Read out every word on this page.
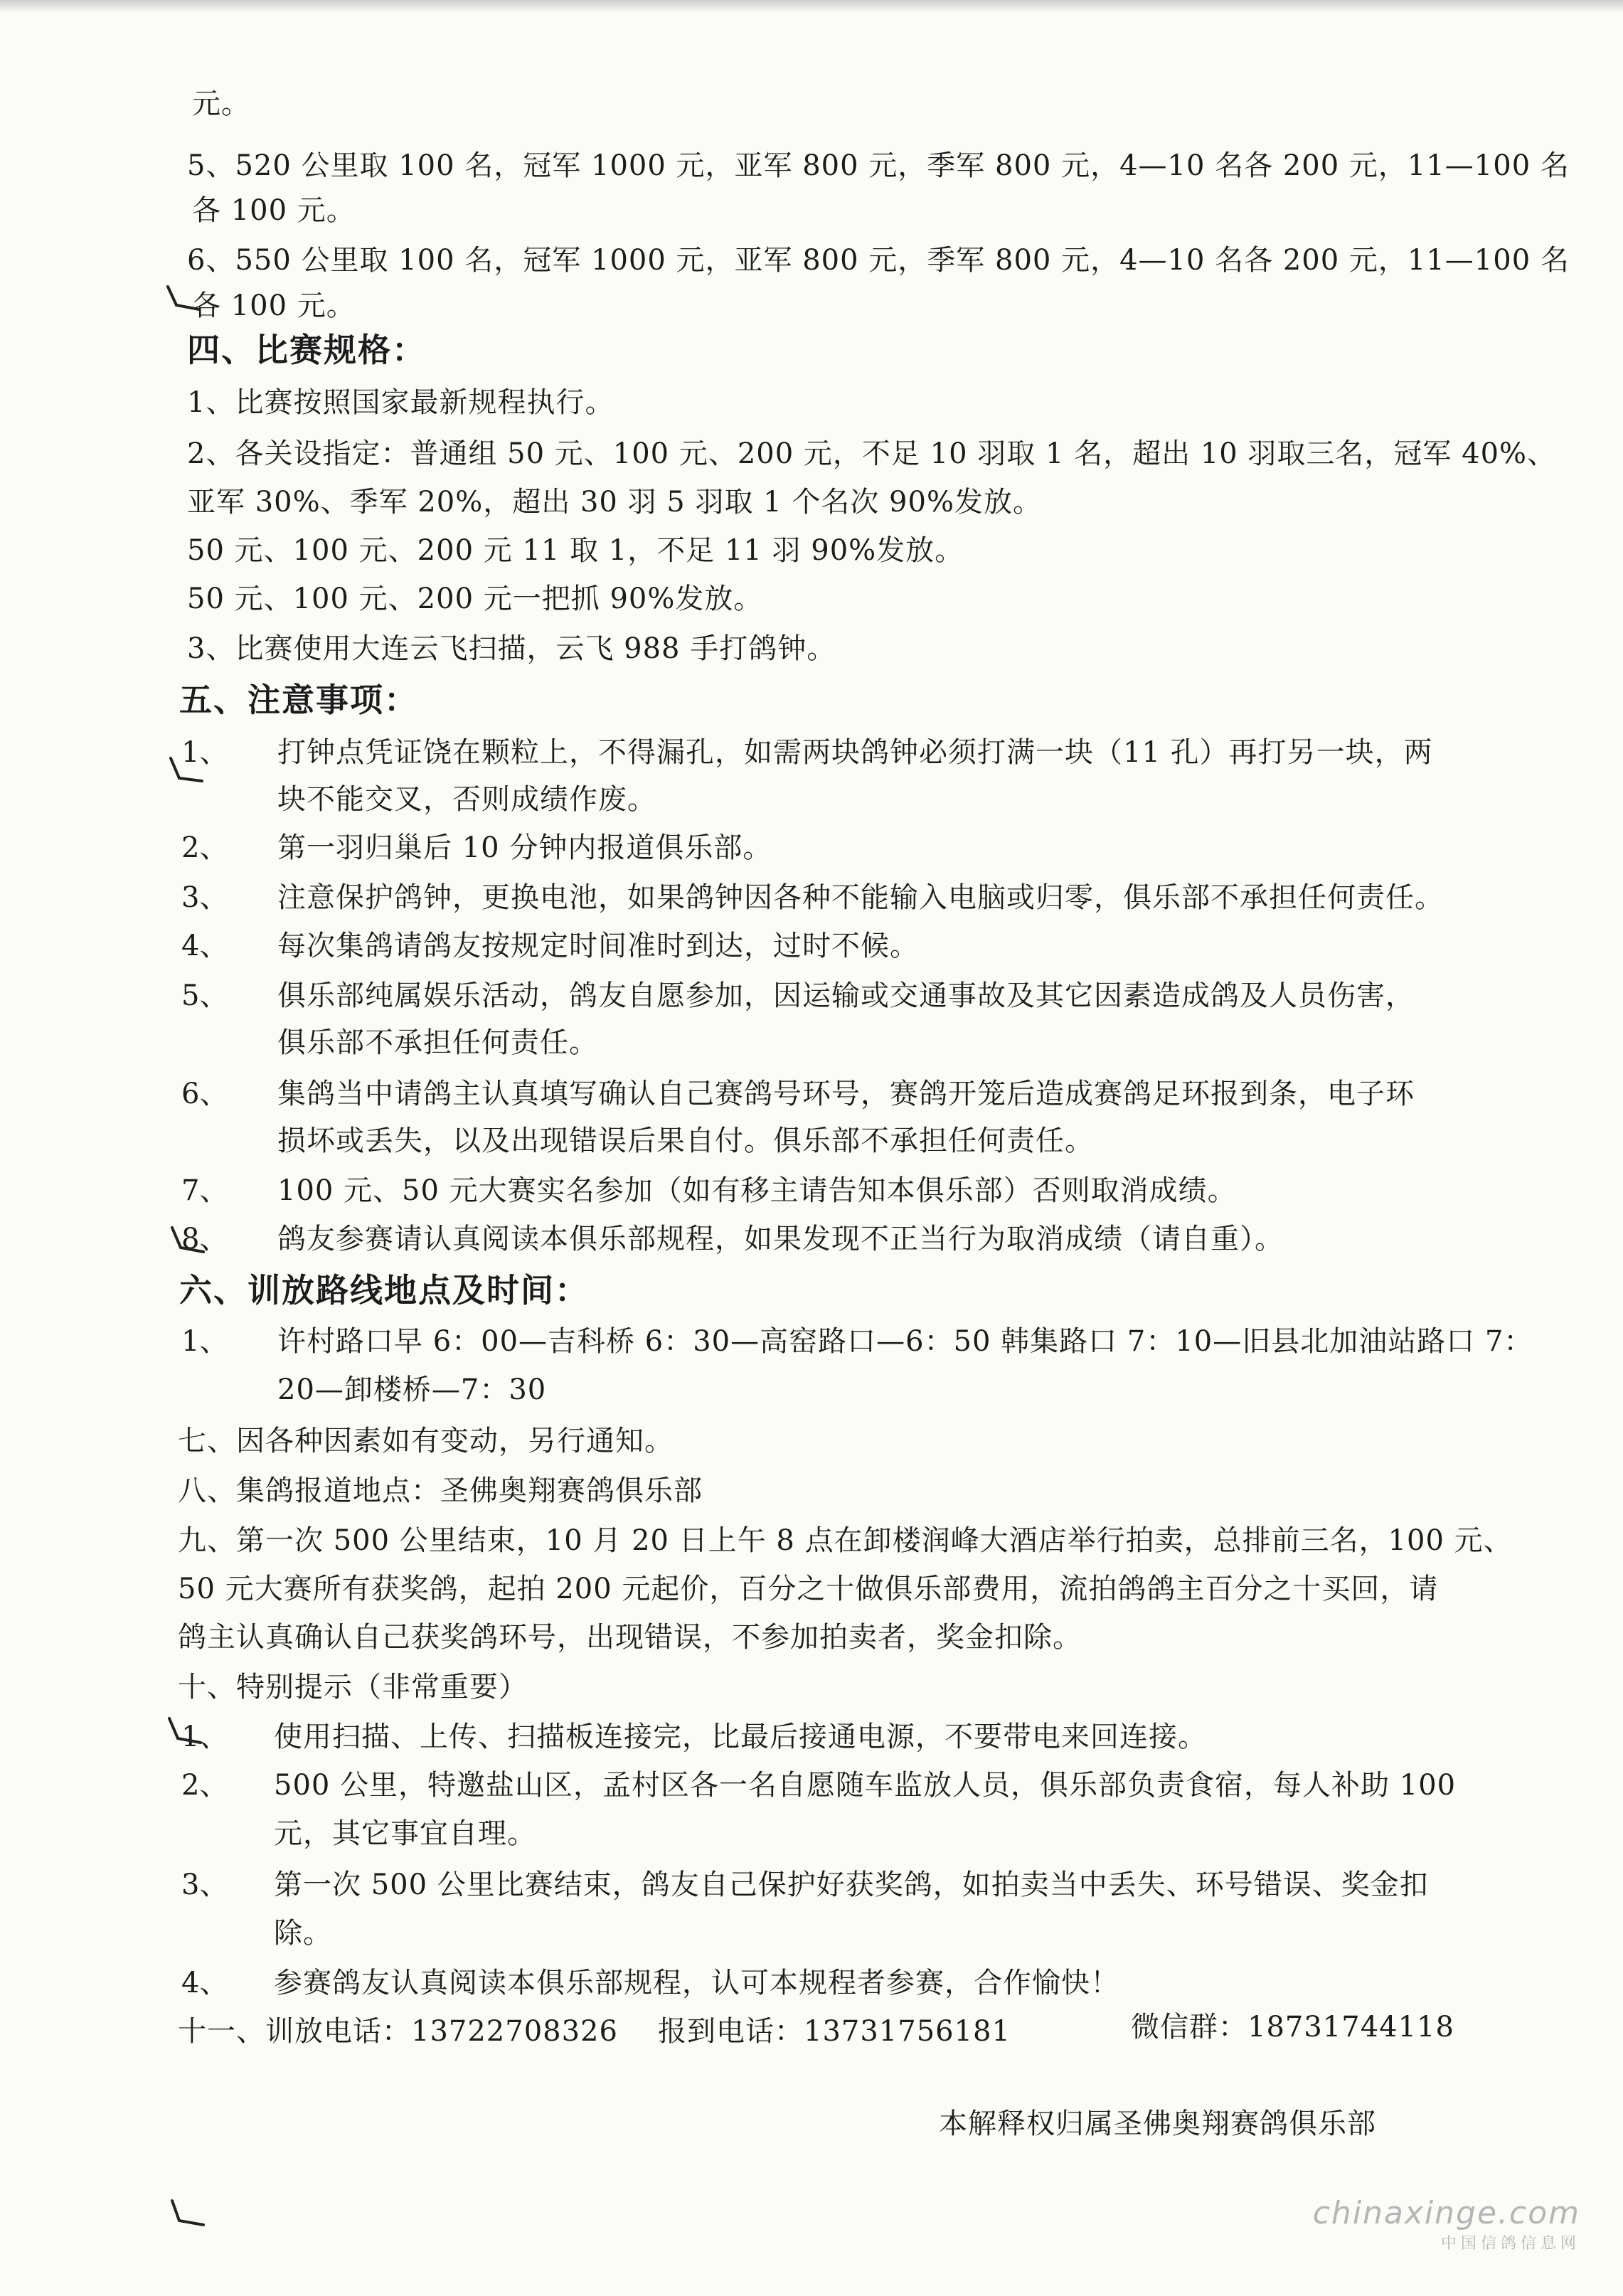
元。
5、520 公里取 100 名，冠军 1000 元，亚军 800 元，季军 800 元，4—10 名各 200 元，11—100 名
各 100 元。
6、550 公里取 100 名，冠军 1000 元，亚军 800 元，季军 800 元，4—10 名各 200 元，11—100 名
各 100 元。
四、比赛规格：
1、比赛按照国家最新规程执行。
2、各关设指定：普通组 50 元、100 元、200 元，不足 10 羽取 1 名，超出 10 羽取三名，冠军 40%、
亚军 30%、季军 20%，超出 30 羽 5 羽取 1 个名次 90%发放。
50 元、100 元、200 元 11 取 1，不足 11 羽 90%发放。
50 元、100 元、200 元一把抓 90%发放。
3、比赛使用大连云飞扫描，云飞 988 手打鸽钟。
五、注意事项：
1、 打钟点凭证饶在颗粒上，不得漏孔，如需两块鸽钟必须打满一块（11 孔）再打另一块，两
块不能交叉，否则成绩作废。
2、 第一羽归巢后 10 分钟内报道俱乐部。
3、 注意保护鸽钟，更换电池，如果鸽钟因各种不能输入电脑或归零，俱乐部不承担任何责任。
4、 每次集鸽请鸽友按规定时间准时到达，过时不候。
5、 俱乐部纯属娱乐活动，鸽友自愿参加，因运输或交通事故及其它因素造成鸽及人员伤害，
俱乐部不承担任何责任。
6、 集鸽当中请鸽主认真填写确认自己赛鸽号环号，赛鸽开笼后造成赛鸽足环报到条，电子环
损坏或丢失，以及出现错误后果自付。俱乐部不承担任何责任。
7、 100 元、50 元大赛实名参加（如有移主请告知本俱乐部）否则取消成绩。
8、 鸽友参赛请认真阅读本俱乐部规程，如果发现不正当行为取消成绩（请自重）。
六、训放路线地点及时间：
1、 许村路口早 6：00—吉科桥 6：30—高窑路口—6：50 韩集路口 7：10—旧县北加油站路口 7：
20—卸楼桥—7：30
七、因各种因素如有变动，另行通知。
八、集鸽报道地点：圣佛奥翔赛鸽俱乐部
九、第一次 500 公里结束，10 月 20 日上午 8 点在卸楼润峰大酒店举行拍卖，总排前三名，100 元、
50 元大赛所有获奖鸽，起拍 200 元起价，百分之十做俱乐部费用，流拍鸽鸽主百分之十买回，请
鸽主认真确认自己获奖鸽环号，出现错误，不参加拍卖者，奖金扣除。
十、特别提示（非常重要）
1、 使用扫描、上传、扫描板连接完，比最后接通电源，不要带电来回连接。
2、 500 公里，特邀盐山区，孟村区各一名自愿随车监放人员，俱乐部负责食宿，每人补助 100
元，其它事宜自理。
3、 第一次 500 公里比赛结束，鸽友自己保护好获奖鸽，如拍卖当中丢失、环号错误、奖金扣
除。
4、 参赛鸽友认真阅读本俱乐部规程，认可本规程者参赛，合作愉快！
十一、训放电话：13722708326 报到电话：13731756181	微信群：18731744118
本解释权归属圣佛奥翔赛鸽俱乐部
chinaxinge.com
中国信鸽信息网
